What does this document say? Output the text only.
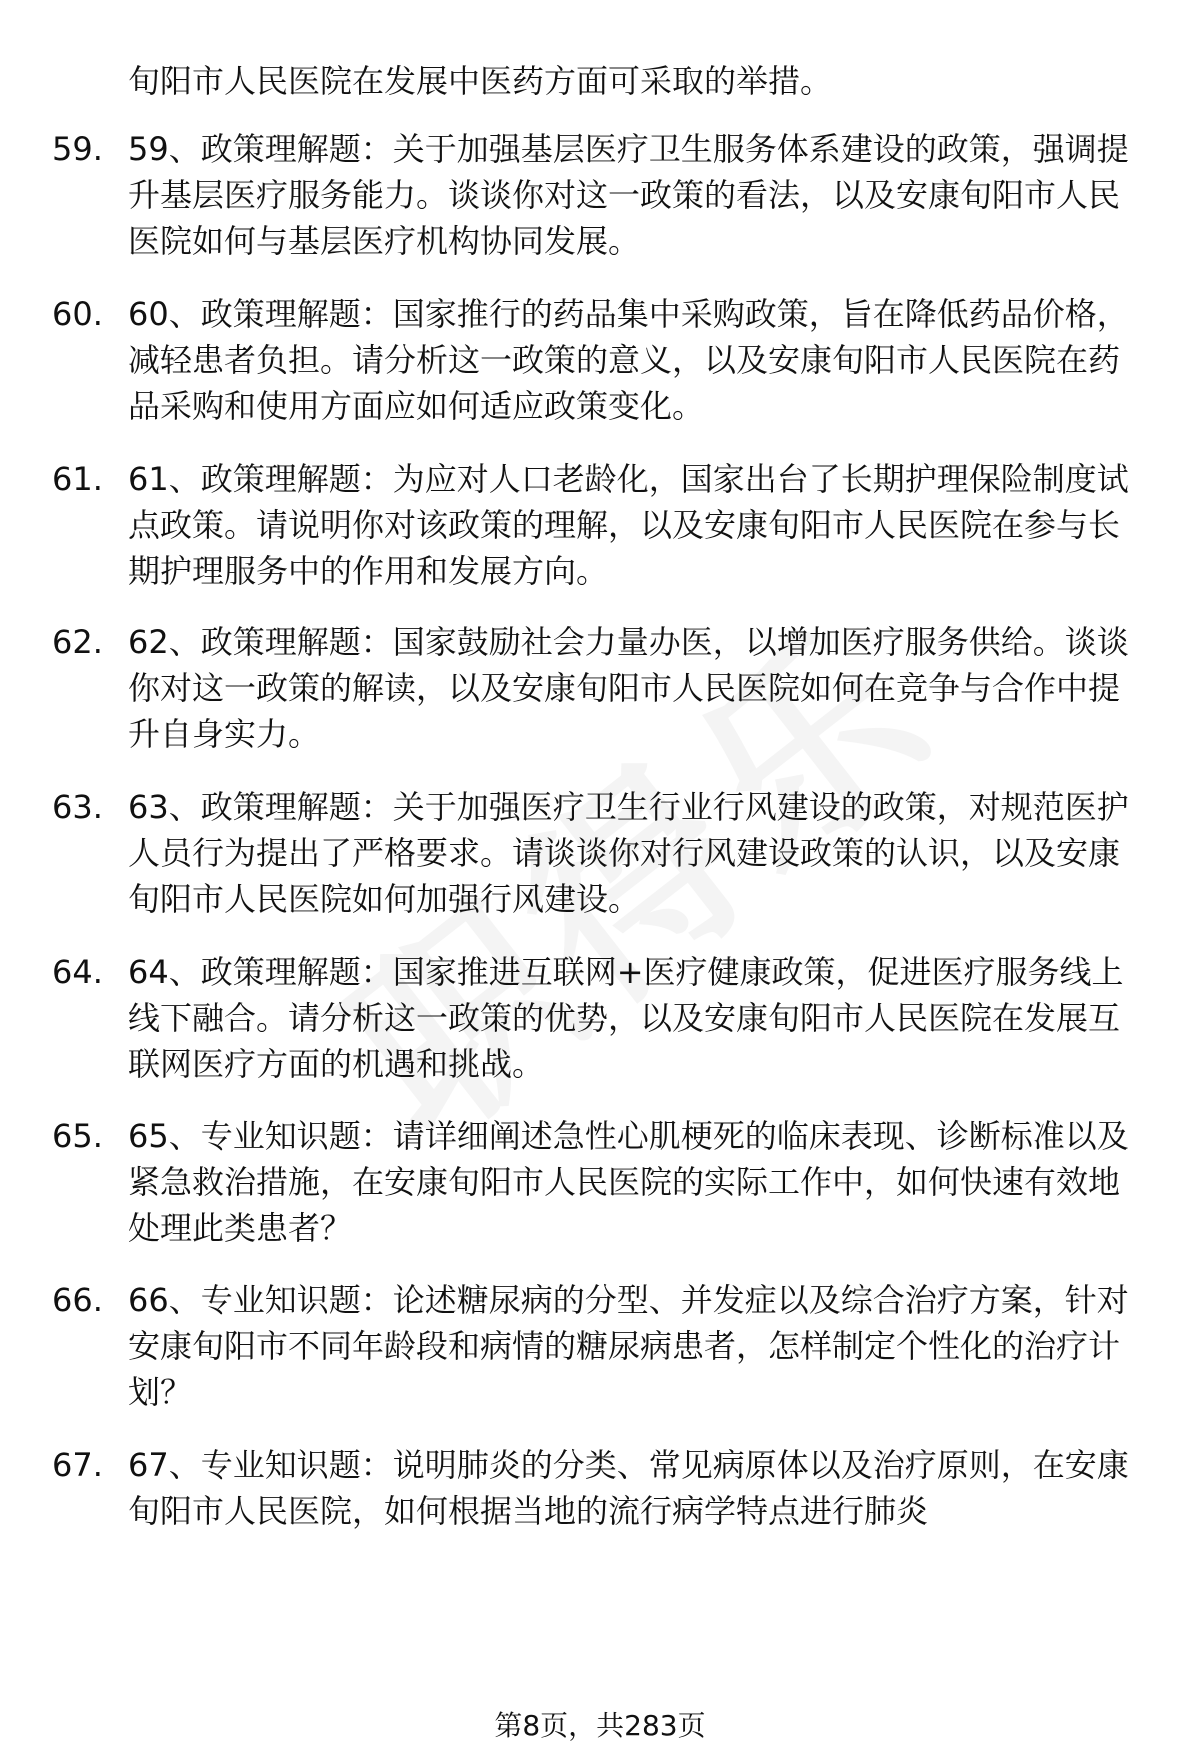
旬阳市人民医院在发展中医药方面可采取的举措。

59. 59、政策理解题：关于加强基层医疗卫生服务体系建设的政策，强调提升基层医疗服务能力。谈谈你对这一政策的看法，以及安康旬阳市人民医院如何与基层医疗机构协同发展。
60. 60、政策理解题：国家推行的药品集中采购政策，旨在降低药品价格，减轻患者负担。请分析这一政策的意义，以及安康旬阳市人民医院在药品采购和使用方面应如何适应政策变化。
61. 61、政策理解题：为应对人口老龄化，国家出台了长期护理保险制度试点政策。请说明你对该政策的理解，以及安康旬阳市人民医院在参与长期护理服务中的作用和发展方向。
62. 62、政策理解题：国家鼓励社会力量办医，以增加医疗服务供给。谈谈你对这一政策的解读，以及安康旬阳市人民医院如何在竞争与合作中提升自身实力。
63. 63、政策理解题：关于加强医疗卫生行业行风建设的政策，对规范医护人员行为提出了严格要求。请谈谈你对行风建设政策的认识，以及安康旬阳市人民医院如何加强行风建设。
64. 64、政策理解题：国家推进互联网+医疗健康政策，促进医疗服务线上线下融合。请分析这一政策的优势，以及安康旬阳市人民医院在发展互联网医疗方面的机遇和挑战。
65. 65、专业知识题：请详细阐述急性心肌梗死的临床表现、诊断标准以及紧急救治措施，在安康旬阳市人民医院的实际工作中，如何快速有效地处理此类患者？
66. 66、专业知识题：论述糖尿病的分型、并发症以及综合治疗方案，针对安康旬阳市不同年龄段和病情的糖尿病患者，怎样制定个性化的治疗计划？
67. 67、专业知识题：说明肺炎的分类、常见病原体以及治疗原则，在安康旬阳市人民医院，如何根据当地的流行病学特点进行肺炎
第8页，共283页
